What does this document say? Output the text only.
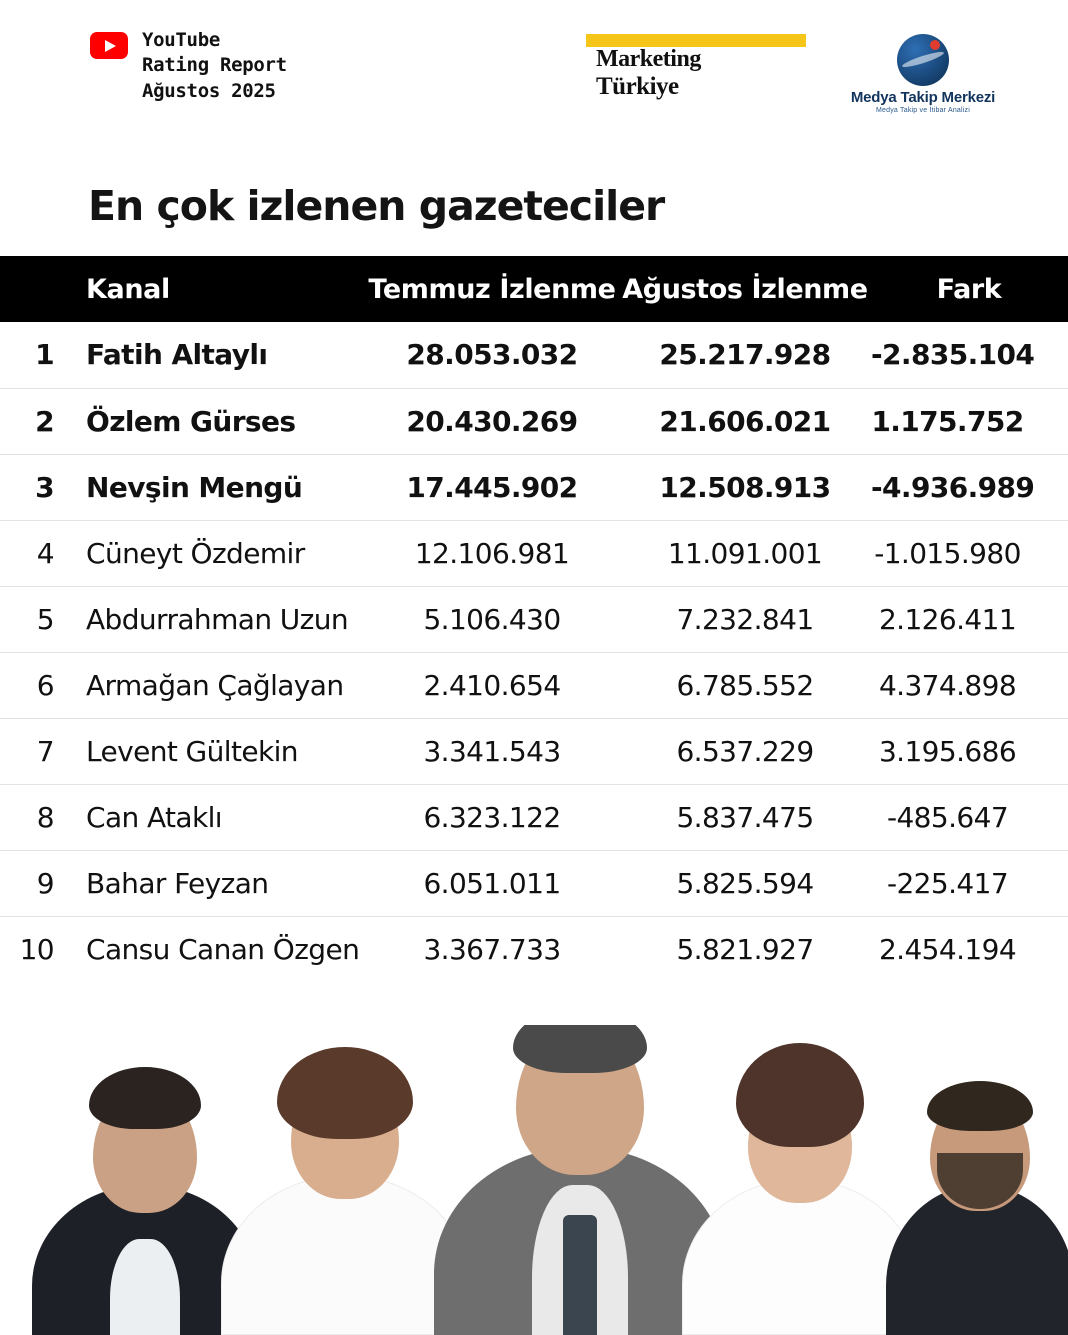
YouTube
Rating Report
Ağustos 2025
Marketing
Türkiye	Medya Takip Merkezi
Medya Takip ve İtibar Analizi
En çok izlenen gazeteciler
	Kanal	Temmuz İzlenme	Ağustos İzlenme	Fark
1	Fatih Altaylı	28.053.032	25.217.928	-2.835.104
2	Özlem Gürses	20.430.269	21.606.021	1.175.752
3	Nevşin Mengü	17.445.902	12.508.913	-4.936.989
4	Cüneyt Özdemir	12.106.981	11.091.001	-1.015.980
5	Abdurrahman Uzun	5.106.430	7.232.841	2.126.411
6	Armağan Çağlayan	2.410.654	6.785.552	4.374.898
7	Levent Gültekin	3.341.543	6.537.229	3.195.686
8	Can Ataklı	6.323.122	5.837.475	-485.647
9	Bahar Feyzan	6.051.011	5.825.594	-225.417
10	Cansu Canan Özgen	3.367.733	5.821.927	2.454.194
